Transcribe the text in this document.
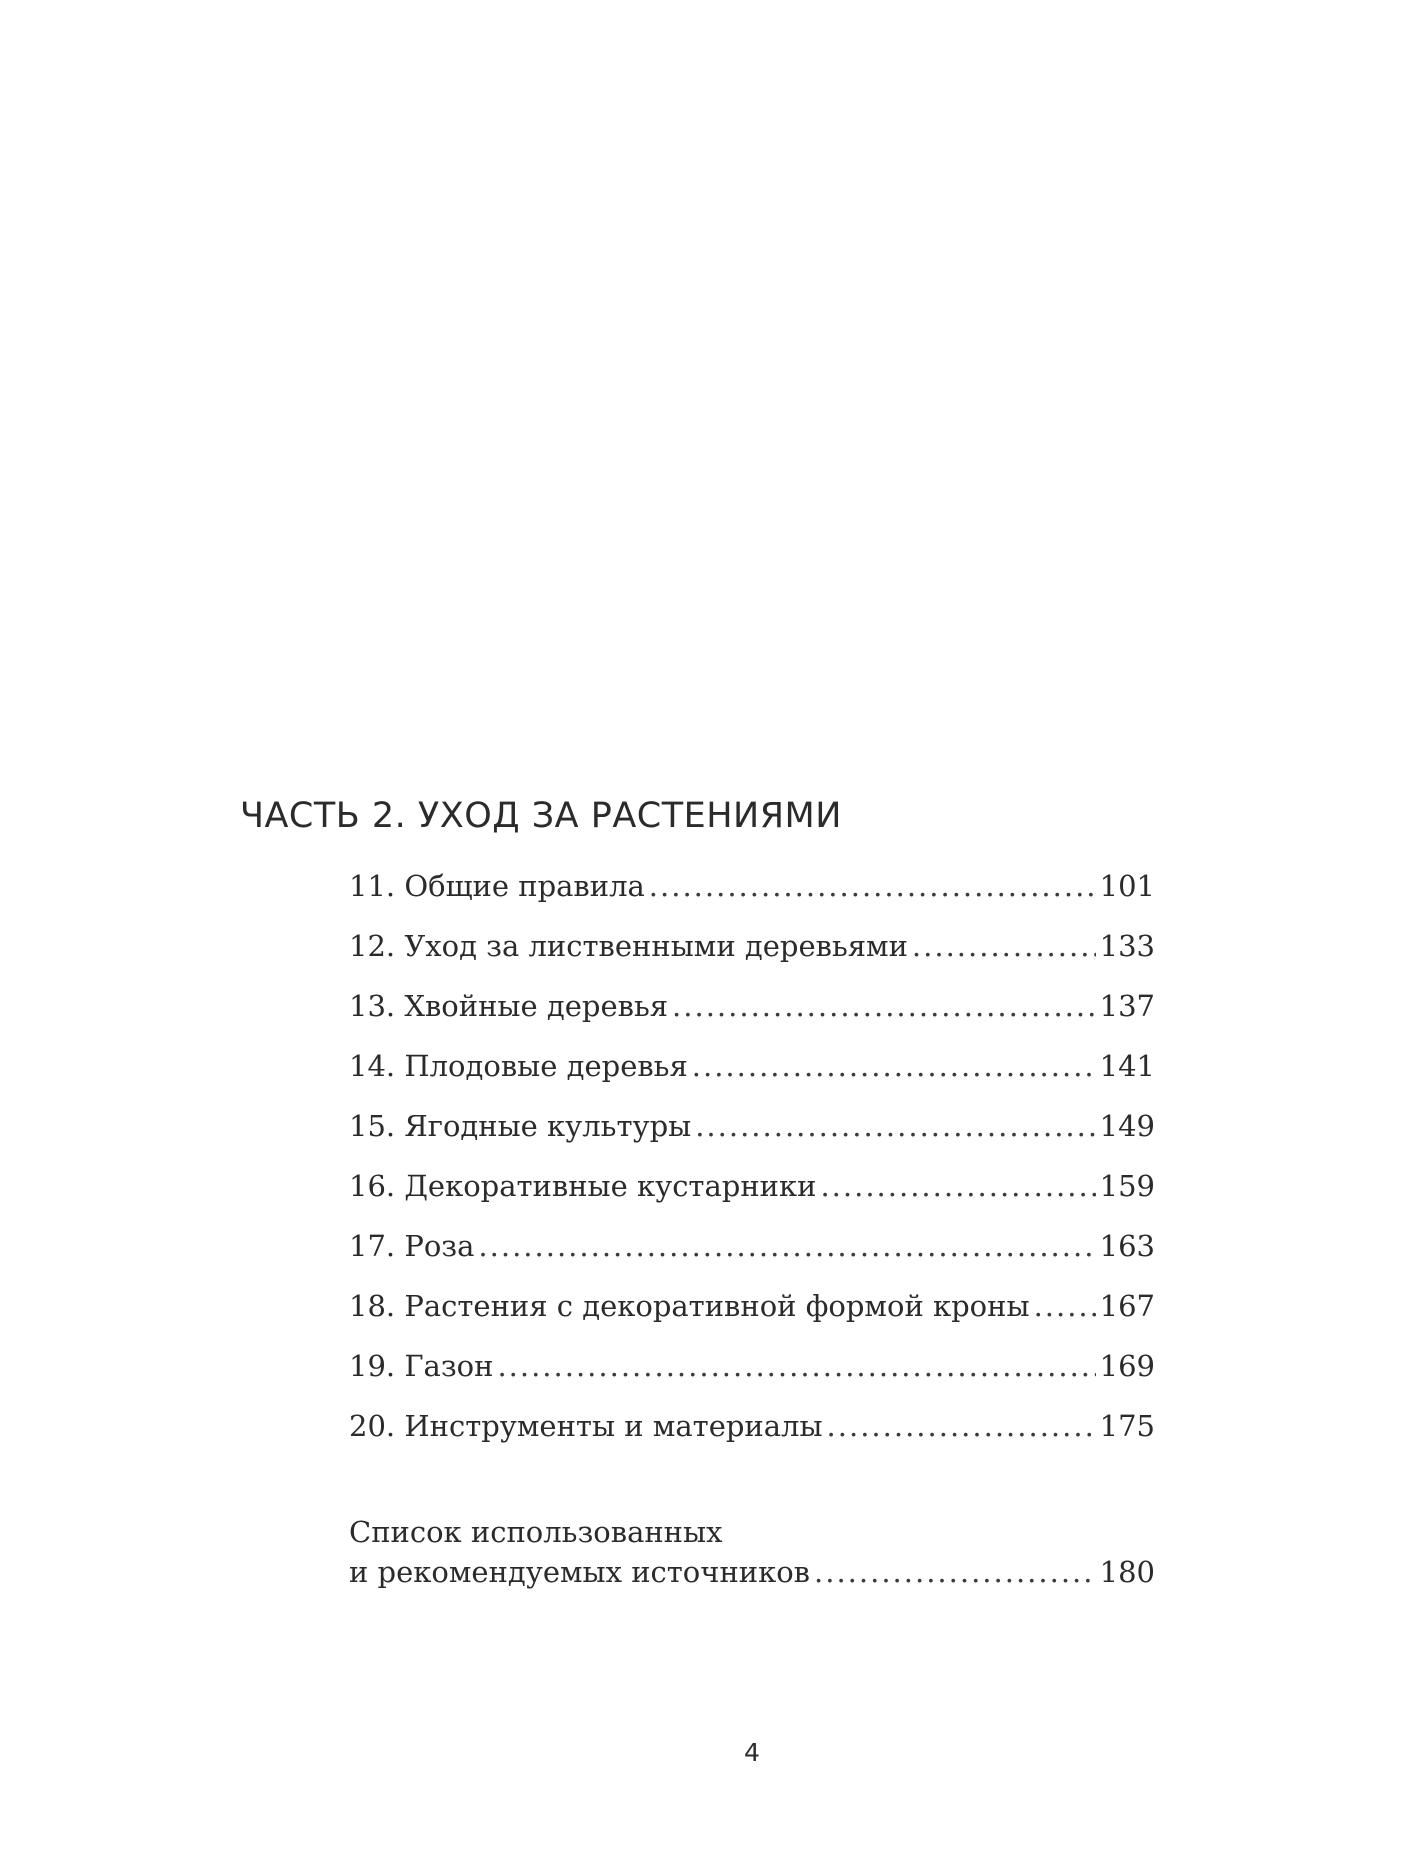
ЧАСТЬ 2. УХОД ЗА РАСТЕНИЯМИ
11. Общие правила .....	101
12. Уход за лиственными деревьями .....	133
13. Хвойные деревья .....	137
14. Плодовые деревья .....	141
15. Ягодные культуры .....	149
16. Декоративные кустарники .....	159
17. Роза .....	163
18. Растения с декоративной формой кроны ..... 167
19. Газон .....	169
20. Инструменты и материалы .....	175
Список использованных
и рекомендуемых источников .....	180
4
